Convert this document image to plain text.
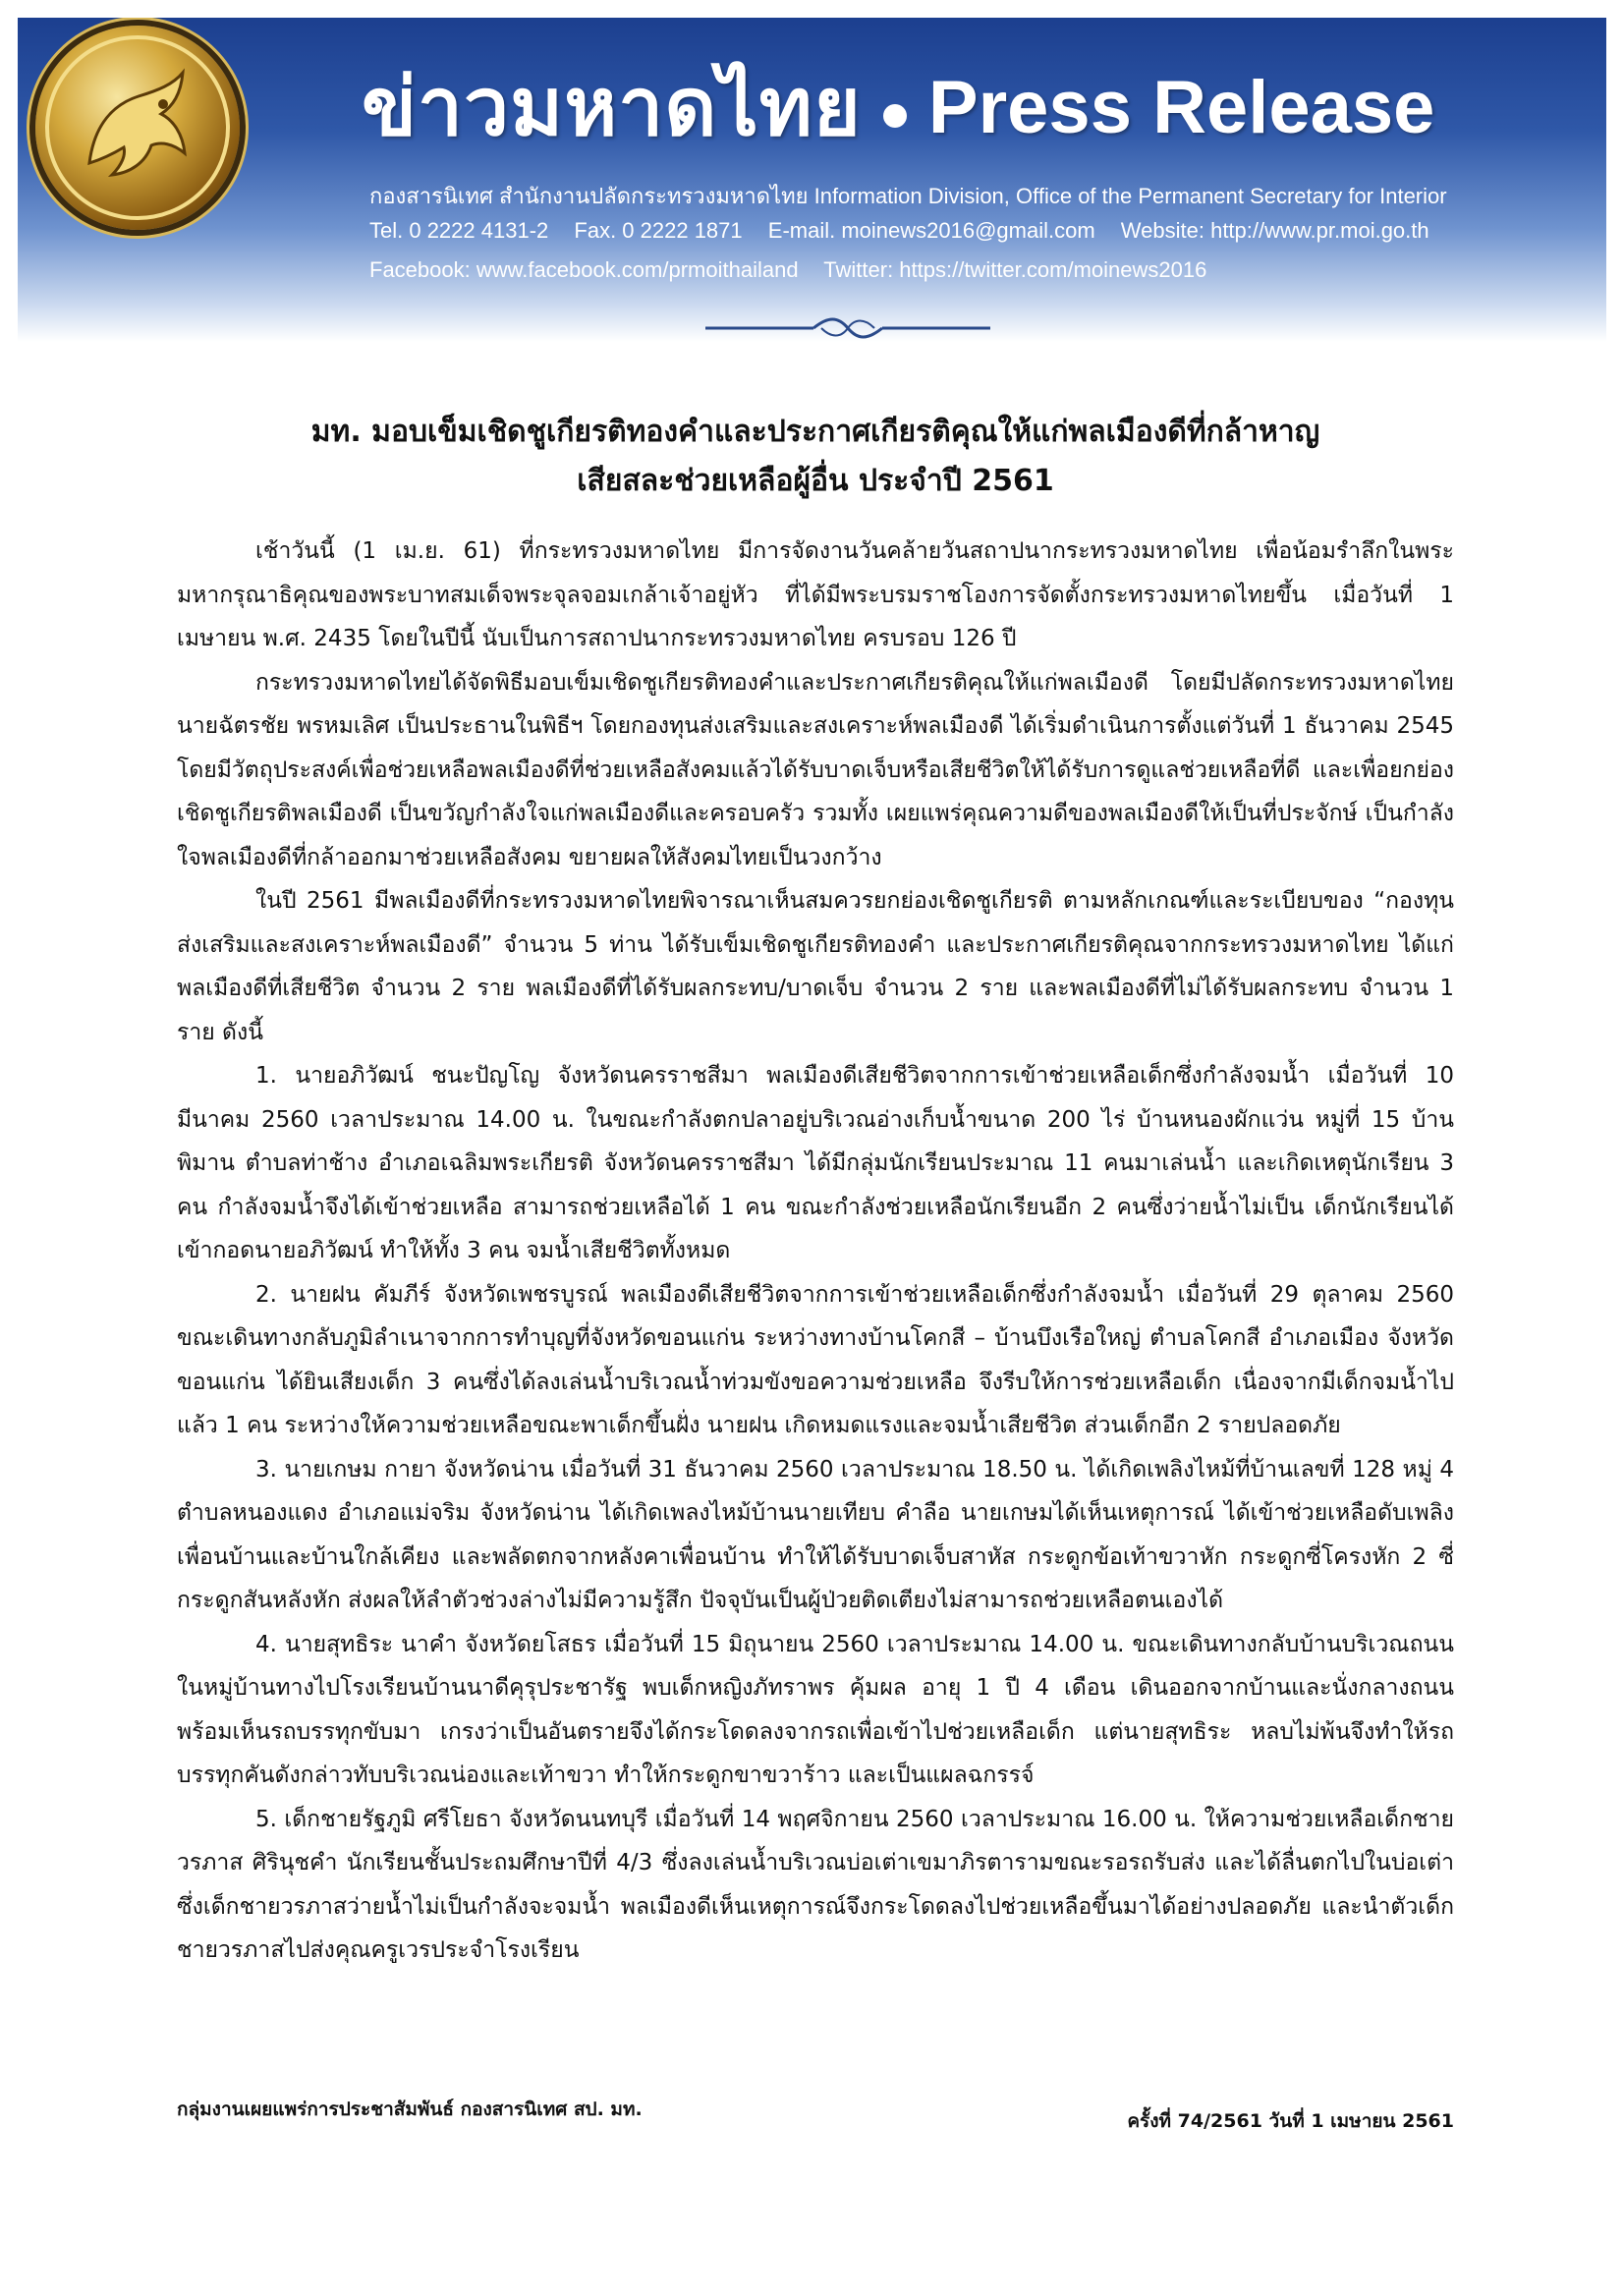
ข่าวมหาดไทย Press Release
กองสารนิเทศ สำนักงานปลัดกระทรวงมหาดไทย Information Division, Office of the Permanent Secretary for Interior
Tel. 0 2222 4131-2 Fax. 0 2222 1871 E-mail. moinews2016@gmail.com Website: http://www.pr.moi.go.th
Facebook: www.facebook.com/prmoithailand Twitter: https://twitter.com/moinews2016
มท. มอบเข็มเชิดชูเกียรติทองคำและประกาศเกียรติคุณให้แก่พลเมืองดีที่กล้าหาญ
เสียสละช่วยเหลือผู้อื่น ประจำปี 2561

เช้าวันนี้ (1 เม.ย. 61) ที่กระทรวงมหาดไทย มีการจัดงานวันคล้ายวันสถาปนากระทรวงมหาดไทย เพื่อน้อมรำลึกในพระมหากรุณาธิคุณของพระบาทสมเด็จพระจุลจอมเกล้าเจ้าอยู่หัว ที่ได้มีพระบรมราชโองการจัดตั้งกระทรวงมหาดไทยขึ้น เมื่อวันที่ 1 เมษายน พ.ศ. 2435 โดยในปีนี้ นับเป็นการสถาปนากระทรวงมหาดไทย ครบรอบ 126 ปี

กระทรวงมหาดไทยได้จัดพิธีมอบเข็มเชิดชูเกียรติทองคำและประกาศเกียรติคุณให้แก่พลเมืองดี โดยมีปลัดกระทรวงมหาดไทย นายฉัตรชัย พรหมเลิศ เป็นประธานในพิธีฯ โดยกองทุนส่งเสริมและสงเคราะห์พลเมืองดี ได้เริ่มดำเนินการตั้งแต่วันที่ 1 ธันวาคม 2545 โดยมีวัตถุประสงค์เพื่อช่วยเหลือพลเมืองดีที่ช่วยเหลือสังคมแล้วได้รับบาดเจ็บหรือเสียชีวิตให้ได้รับการดูแลช่วยเหลือที่ดี และเพื่อยกย่องเชิดชูเกียรติพลเมืองดี เป็นขวัญกำลังใจแก่พลเมืองดีและครอบครัว รวมทั้ง เผยแพร่คุณความดีของพลเมืองดีให้เป็นที่ประจักษ์ เป็นกำลังใจพลเมืองดีที่กล้าออกมาช่วยเหลือสังคม ขยายผลให้สังคมไทยเป็นวงกว้าง

ในปี 2561 มีพลเมืองดีที่กระทรวงมหาดไทยพิจารณาเห็นสมควรยกย่องเชิดชูเกียรติ ตามหลักเกณฑ์และระเบียบของ “กองทุนส่งเสริมและสงเคราะห์พลเมืองดี” จำนวน 5 ท่าน ได้รับเข็มเชิดชูเกียรติทองคำ และประกาศเกียรติคุณจากกระทรวงมหาดไทย ได้แก่ พลเมืองดีที่เสียชีวิต จำนวน 2 ราย พลเมืองดีที่ได้รับผลกระทบ/บาดเจ็บ จำนวน 2 ราย และพลเมืองดีที่ไม่ได้รับผลกระทบ จำนวน 1 ราย ดังนี้

1. นายอภิวัฒน์ ชนะปัญโญ จังหวัดนครราชสีมา พลเมืองดีเสียชีวิตจากการเข้าช่วยเหลือเด็กซึ่งกำลังจมน้ำ เมื่อวันที่ 10 มีนาคม 2560 เวลาประมาณ 14.00 น. ในขณะกำลังตกปลาอยู่บริเวณอ่างเก็บน้ำขนาด 200 ไร่ บ้านหนองผักแว่น หมู่ที่ 15 บ้านพิมาน ตำบลท่าช้าง อำเภอเฉลิมพระเกียรติ จังหวัดนครราชสีมา ได้มีกลุ่มนักเรียนประมาณ 11 คนมาเล่นน้ำ และเกิดเหตุนักเรียน 3 คน กำลังจมน้ำจึงได้เข้าช่วยเหลือ สามารถช่วยเหลือได้ 1 คน ขณะกำลังช่วยเหลือนักเรียนอีก 2 คนซึ่งว่ายน้ำไม่เป็น เด็กนักเรียนได้เข้ากอดนายอภิวัฒน์ ทำให้ทั้ง 3 คน จมน้ำเสียชีวิตทั้งหมด

2. นายฝน คัมภีร์ จังหวัดเพชรบูรณ์ พลเมืองดีเสียชีวิตจากการเข้าช่วยเหลือเด็กซึ่งกำลังจมน้ำ เมื่อวันที่ 29 ตุลาคม 2560 ขณะเดินทางกลับภูมิลำเนาจากการทำบุญที่จังหวัดขอนแก่น ระหว่างทางบ้านโคกสี – บ้านบึงเรือใหญ่ ตำบลโคกสี อำเภอเมือง จังหวัดขอนแก่น ได้ยินเสียงเด็ก 3 คนซึ่งได้ลงเล่นน้ำบริเวณน้ำท่วมขังขอความช่วยเหลือ จึงรีบให้การช่วยเหลือเด็ก เนื่องจากมีเด็กจมน้ำไปแล้ว 1 คน ระหว่างให้ความช่วยเหลือขณะพาเด็กขึ้นฝั่ง นายฝน เกิดหมดแรงและจมน้ำเสียชีวิต ส่วนเด็กอีก 2 รายปลอดภัย

3. นายเกษม กายา จังหวัดน่าน เมื่อวันที่ 31 ธันวาคม 2560 เวลาประมาณ 18.50 น. ได้เกิดเพลิงไหม้ที่บ้านเลขที่ 128 หมู่ 4 ตำบลหนองแดง อำเภอแม่จริม จังหวัดน่าน ได้เกิดเพลงไหม้บ้านนายเทียบ คำลือ นายเกษมได้เห็นเหตุการณ์ ได้เข้าช่วยเหลือดับเพลิงเพื่อนบ้านและบ้านใกล้เคียง และพลัดตกจากหลังคาเพื่อนบ้าน ทำให้ได้รับบาดเจ็บสาหัส กระดูกข้อเท้าขวาหัก กระดูกซี่โครงหัก 2 ซี่ กระดูกสันหลังหัก ส่งผลให้ลำตัวช่วงล่างไม่มีความรู้สึก ปัจจุบันเป็นผู้ป่วยติดเตียงไม่สามารถช่วยเหลือตนเองได้

4. นายสุทธิระ นาคำ จังหวัดยโสธร เมื่อวันที่ 15 มิถุนายน 2560 เวลาประมาณ 14.00 น. ขณะเดินทางกลับบ้านบริเวณถนนในหมู่บ้านทางไปโรงเรียนบ้านนาดีคุรุประชารัฐ พบเด็กหญิงภัทราพร คุ้มผล อายุ 1 ปี 4 เดือน เดินออกจากบ้านและนั่งกลางถนน พร้อมเห็นรถบรรทุกขับมา เกรงว่าเป็นอันตรายจึงได้กระโดดลงจากรถเพื่อเข้าไปช่วยเหลือเด็ก แต่นายสุทธิระ หลบไม่พ้นจึงทำให้รถบรรทุกคันดังกล่าวทับบริเวณน่องและเท้าขวา ทำให้กระดูกขาขวาร้าว และเป็นแผลฉกรรจ์

5. เด็กชายรัฐภูมิ ศรีโยธา จังหวัดนนทบุรี เมื่อวันที่ 14 พฤศจิกายน 2560 เวลาประมาณ 16.00 น. ให้ความช่วยเหลือเด็กชายวรภาส ศิรินุชคำ นักเรียนชั้นประถมศึกษาปีที่ 4/3 ซึ่งลงเล่นน้ำบริเวณบ่อเต่าเขมาภิรตารามขณะรอรถรับส่ง และได้ลื่นตกไปในบ่อเต่า ซึ่งเด็กชายวรภาสว่ายน้ำไม่เป็นกำลังจะจมน้ำ พลเมืองดีเห็นเหตุการณ์จึงกระโดดลงไปช่วยเหลือขึ้นมาได้อย่างปลอดภัย และนำตัวเด็กชายวรภาสไปส่งคุณครูเวรประจำโรงเรียน

กลุ่มงานเผยแพร่การประชาสัมพันธ์ กองสารนิเทศ สป. มท.
ครั้งที่ 74/2561 วันที่ 1 เมษายน 2561
